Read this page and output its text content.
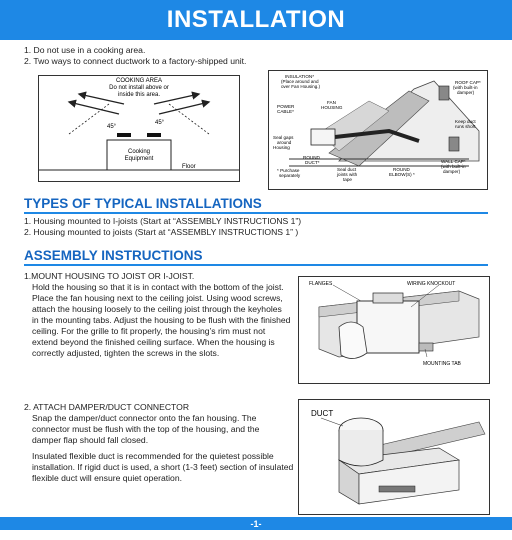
INSTALLATION
1. Do not use in a cooking area.
2. Two ways to connect ductwork to a factory-shipped unit.
COOKING AREA
Do not install above or
inside this area.
45°
45°
Cooking
Equipment
Floor
INSULATION*
(Place around and
over Fan Housing.)
ROOF CAP*
(with built-in
damper)
POWER
CABLE*
FAN
HOUSING
Keep duct
runs short
Seal gaps
around
Housing
ROUND
DUCT*
Seal duct
joints with
tape
ROUND
ELBOW(S) *
WALL CAP*
(with built-in
damper)
* Purchase
separately
TYPES OF TYPICAL INSTALLATIONS
1. Housing mounted to I-joists (Start at “ASSEMBLY INSTRUCTIONS 1”)
2. Housing mounted to joists (Start at “ASSEMBLY INSTRUCTIONS 1” )
ASSEMBLY INSTRUCTIONS
1.MOUNT HOUSING TO JOIST OR I-JOIST.
Hold the housing so that it is in contact with the bottom of the joist.
Place the fan housing next to the ceiling joist. Using wood screws,
attach the housing loosely to the ceiling joist through the keyholes
in the mounting tabs. Adjust the housing to be flush with the finished
ceiling. For the grille to fit properly, the housing’s rim must not
extend beyond the finished ceiling surface. When the housing is
correctly adjusted, tighten the screws in the slots.
FLANGES	WIRING KNOCKOUT
MOUNTING TAB
2. ATTACH DAMPER/DUCT CONNECTOR
Snap the damper/duct connector onto the fan housing. The
connector must be flush with the top of the housing, and the
damper flap should fall closed.
Insulated flexible duct is recommended for the quietest possible
installation. If rigid duct is used, a short (1-3 feet) section of insulated
flexible duct will ensure quiet operation.
DUCT
-1-
